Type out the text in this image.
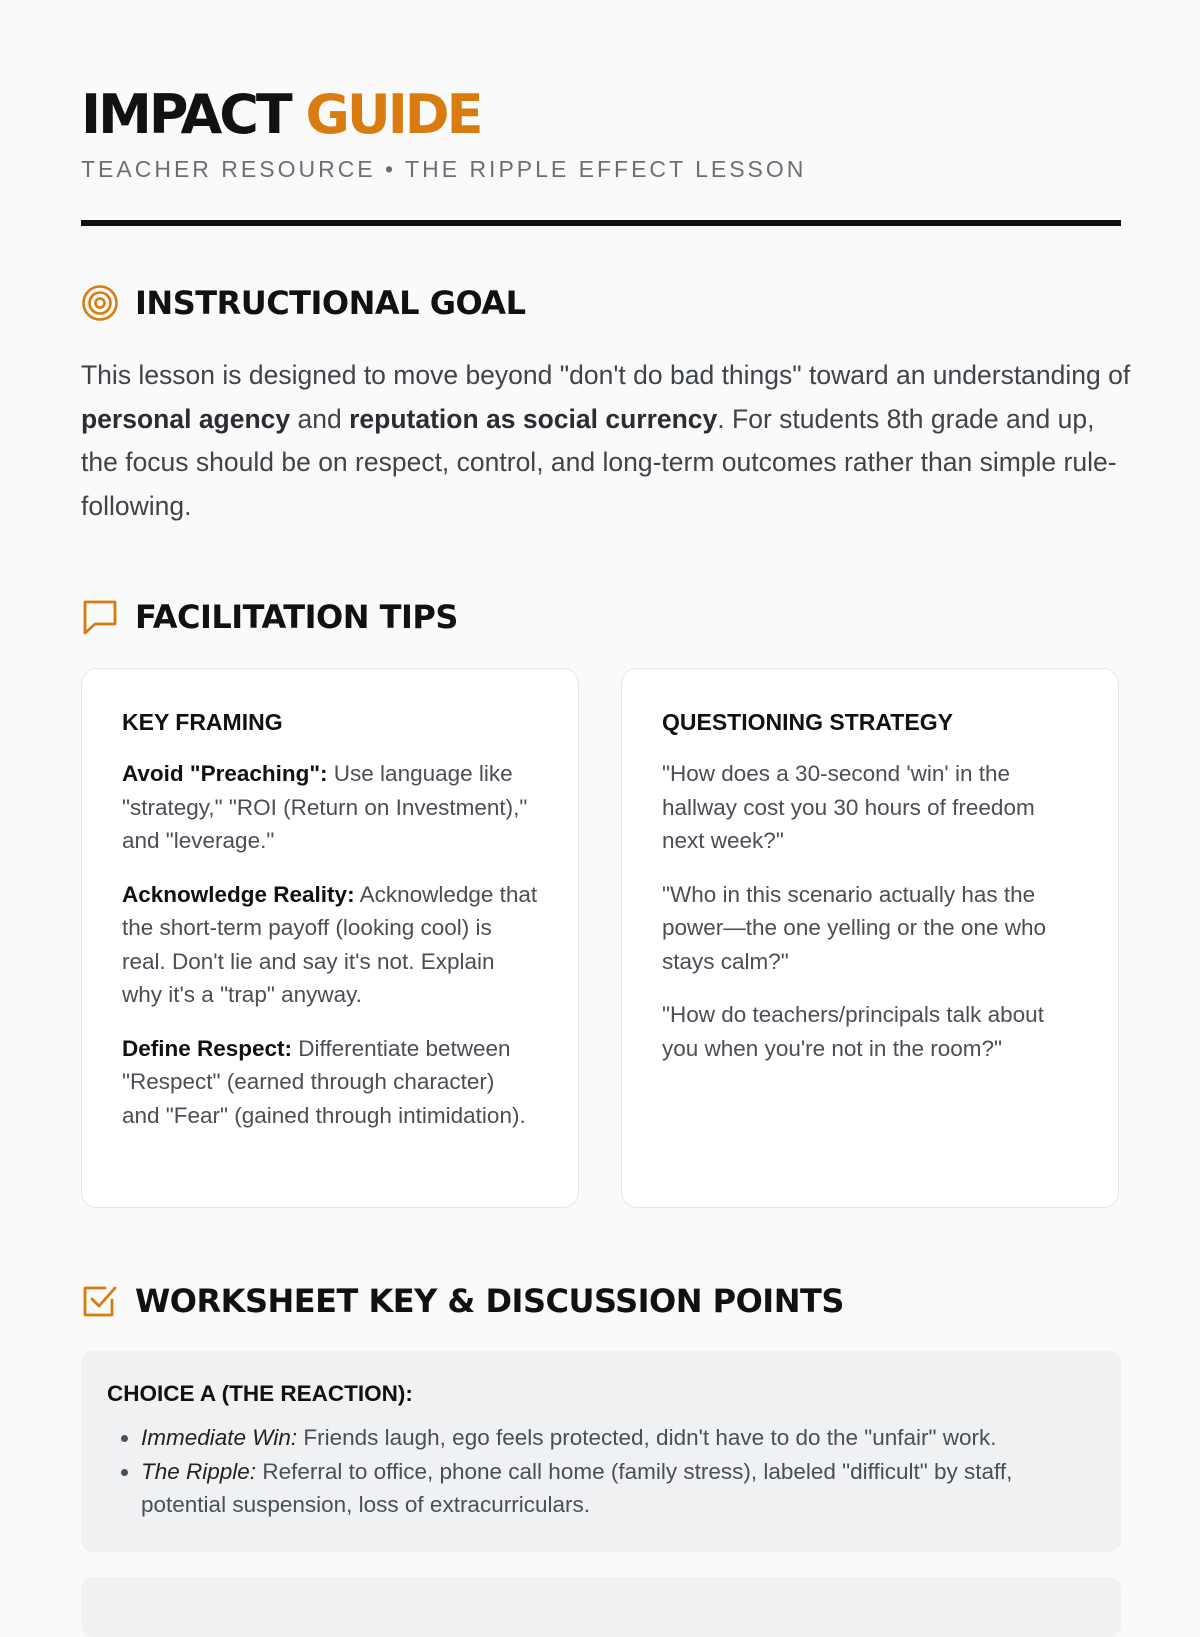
IMPACT GUIDE
TEACHER RESOURCE • THE RIPPLE EFFECT LESSON
INSTRUCTIONAL GOAL
This lesson is designed to move beyond "don't do bad things" toward an understanding of personal agency and reputation as social currency. For students 8th grade and up, the focus should be on respect, control, and long-term outcomes rather than simple rule-following.
FACILITATION TIPS
KEY FRAMING

Avoid "Preaching": Use language like "strategy," "ROI (Return on Investment)," and "leverage."

Acknowledge Reality: Acknowledge that the short-term payoff (looking cool) is real. Don't lie and say it's not. Explain why it's a "trap" anyway.

Define Respect: Differentiate between "Respect" (earned through character) and "Fear" (gained through intimidation).

QUESTIONING STRATEGY

"How does a 30-second 'win' in the hallway cost you 30 hours of freedom next week?"

"Who in this scenario actually has the power—the one yelling or the one who stays calm?"

"How do teachers/principals talk about you when you're not in the room?"

WORKSHEET KEY & DISCUSSION POINTS
CHOICE A (THE REACTION):
• Immediate Win: Friends laugh, ego feels protected, didn't have to do the "unfair" work.
• The Ripple: Referral to office, phone call home (family stress), labeled "difficult" by staff, potential suspension, loss of extracurriculars.
